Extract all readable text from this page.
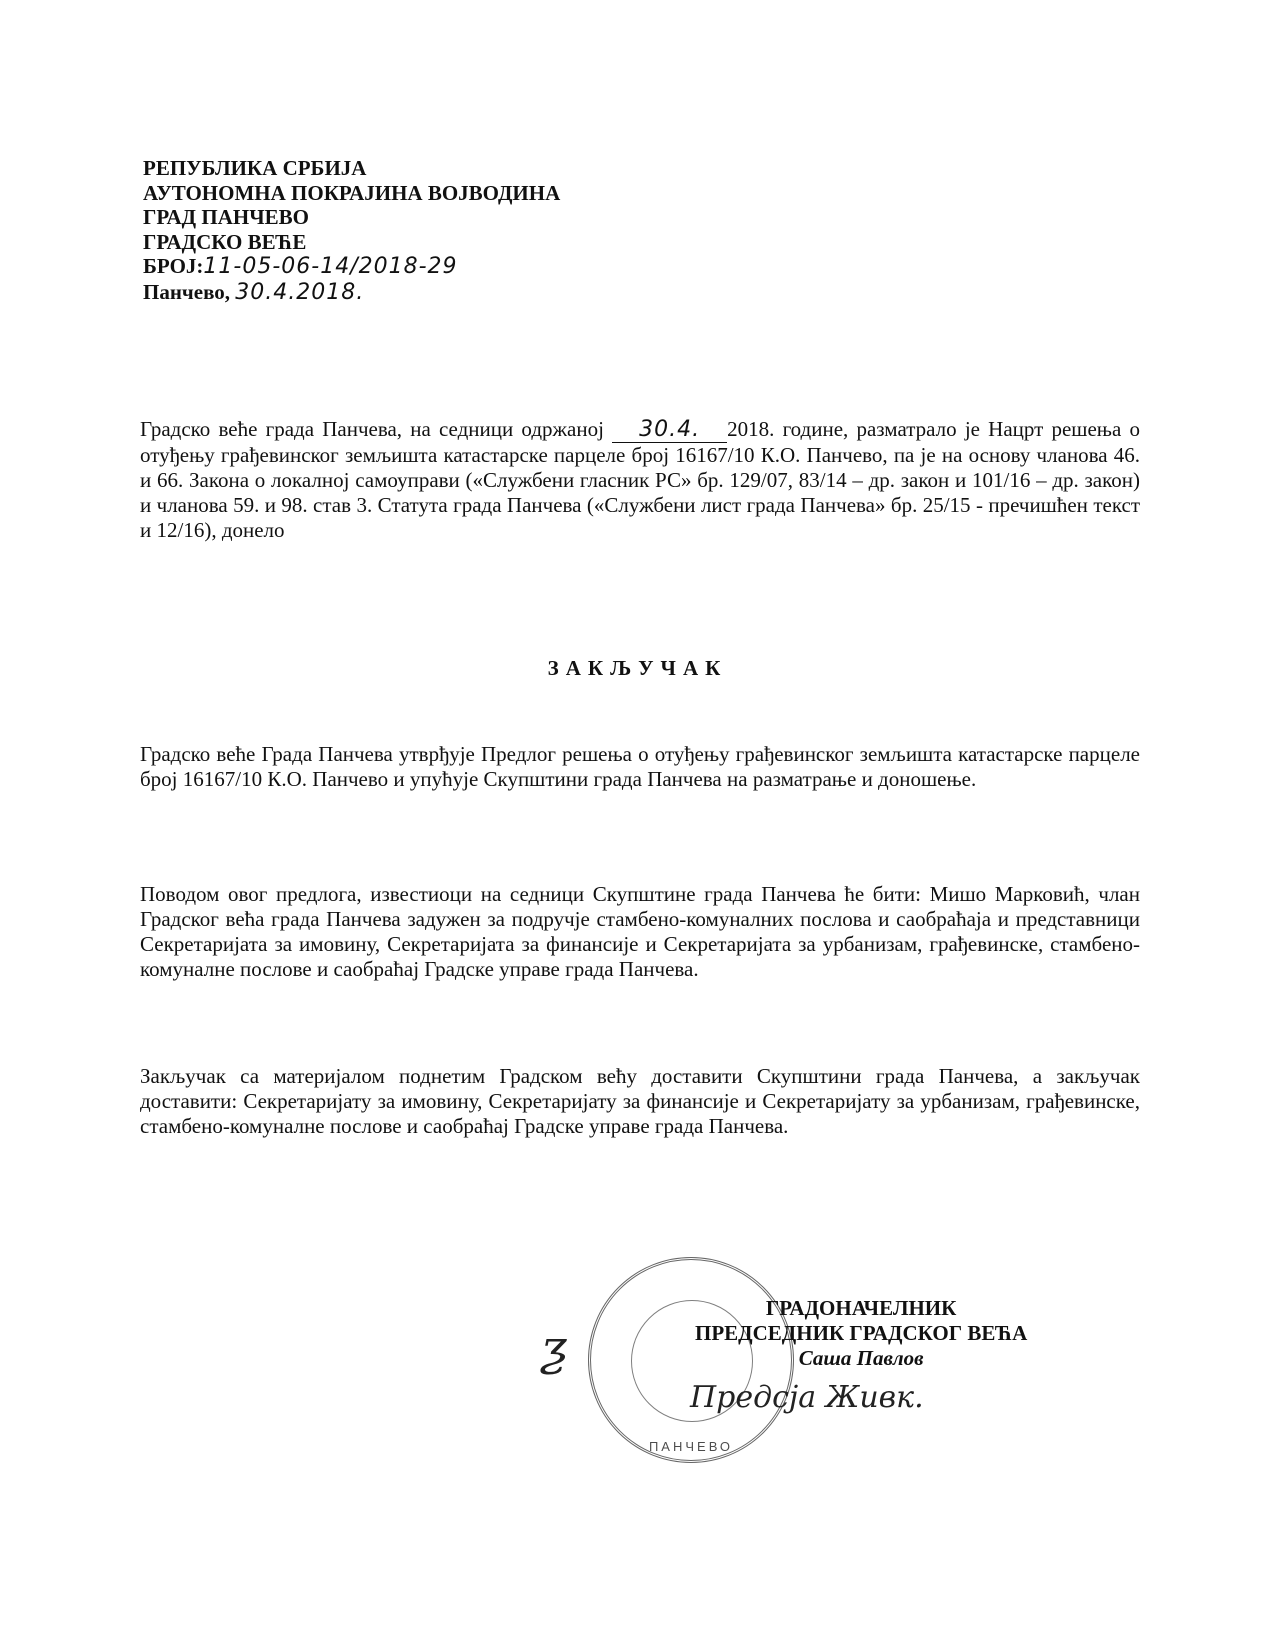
РЕПУБЛИКА СРБИЈА
АУТОНОМНА ПОКРАЈИНА ВОЈВОДИНА
ГРАД ПАНЧЕВО
ГРАДСКО ВЕЋЕ
БРОЈ:11-05-06-14/2018-29
Панчево, 30.4.2018.
Градско веће града Панчева, на седници одржаној 30.4. 2018. године, разматрало је Нацрт решења о отуђењу грађевинског земљишта катастарске парцеле број 16167/10 К.О. Панчево, па је на основу чланова 46. и 66. Закона о локалној самоуправи («Службени гласник РС» бр. 129/07, 83/14 – др. закон и 101/16 – др. закон) и чланова 59. и 98. став 3. Статута града Панчева («Службени лист града Панчева» бр. 25/15 - пречишћен текст и 12/16), донело
ЗАКЉУЧАК
Градско веће Града Панчева утврђује Предлог решења о отуђењу грађевинског земљишта катастарске парцеле број 16167/10 К.О. Панчево и упућује Скупштини града Панчева на разматрање и доношење.
Поводом овог предлога, известиоци на седници Скупштине града Панчева ће бити: Мишо Марковић, члан Градског већа града Панчева задужен за подручје стамбено-комуналних послова и саобраћаја и представници Секретаријата за имовину, Секретаријата за финансије и Секретаријата за урбанизам, грађевинске, стамбено-комуналне послове и саобраћај Градске управе града Панчева.
Закључак са материјалом поднетим Градском већу доставити Скупштини града Панчева, а закључак доставити: Секретаријату за имовину, Секретаријату за финансије и Секретаријату за урбанизам, грађевинске, стамбено-комуналне послове и саобраћај Градске управе града Панчева.
ПАНЧЕВО
ƺ
ГРАДОНАЧЕЛНИК
ПРЕДСЕДНИК ГРАДСКОГ ВЕЋА
Саша Павлов
Предсја Живк.
